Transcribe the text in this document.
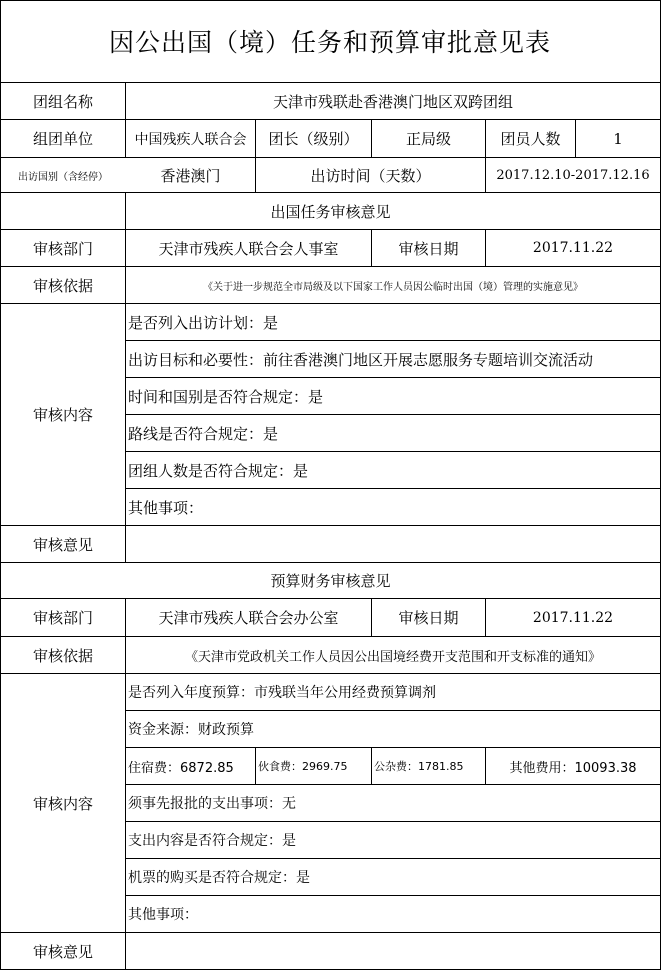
因公出国（境）任务和预算审批意见表
团组名称	天津市残联赴香港澳门地区双跨团组
组团单位	中国残疾人联合会	团长（级别）	正局级	团员人数	1
出访国别（含经停）	香港澳门	出访时间（天数）	2017.12.10-2017.12.16
出国任务审核意见
审核部门	天津市残疾人联合会人事室	审核日期	2017.11.22
审核依据	《关于进一步规范全市局级及以下国家工作人员因公临时出国（境）管理的实施意见》
审核内容
是否列入出访计划：是
出访目标和必要性：前往香港澳门地区开展志愿服务专题培训交流活动
时间和国别是否符合规定：是
路线是否符合规定：是
团组人数是否符合规定：是
其他事项：
审核意见
预算财务审核意见
审核部门	天津市残疾人联合会办公室	审核日期	2017.11.22
审核依据	《天津市党政机关工作人员因公出国境经费开支范围和开支标准的通知》
审核内容
是否列入年度预算：市残联当年公用经费预算调剂
资金来源：财政预算
住宿费：6872.85	伙食费：2969.75	公杂费：1781.85	其他费用：10093.38
须事先报批的支出事项：无
支出内容是否符合规定：是
机票的购买是否符合规定：是
其他事项：
审核意见
